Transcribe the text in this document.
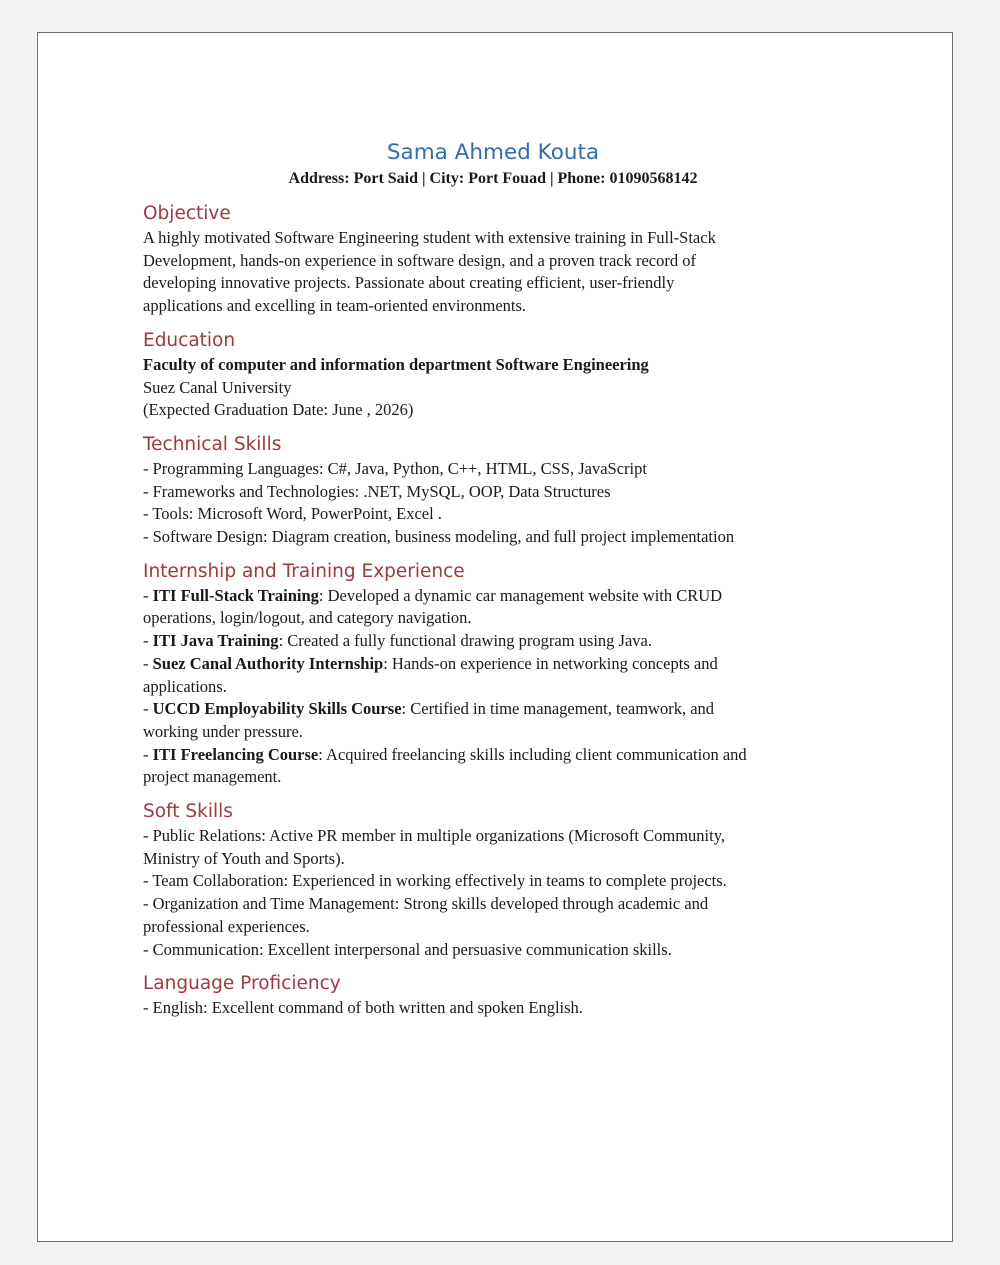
Sama Ahmed Kouta
Address: Port Said | City: Port Fouad | Phone: 01090568142
Objective
A highly motivated Software Engineering student with extensive training in Full-Stack
Development, hands-on experience in software design, and a proven track record of
developing innovative projects. Passionate about creating efficient, user-friendly
applications and excelling in team-oriented environments.
Education
Faculty of computer and information department Software Engineering
Suez Canal University
(Expected Graduation Date: June , 2026)
Technical Skills
- Programming Languages: C#, Java, Python, C++, HTML, CSS, JavaScript
- Frameworks and Technologies: .NET, MySQL, OOP, Data Structures
- Tools: Microsoft Word, PowerPoint, Excel .
- Software Design: Diagram creation, business modeling, and full project implementation
Internship and Training Experience
- ITI Full-Stack Training: Developed a dynamic car management website with CRUD
operations, login/logout, and category navigation.
- ITI Java Training: Created a fully functional drawing program using Java.
- Suez Canal Authority Internship: Hands-on experience in networking concepts and
applications.
- UCCD Employability Skills Course: Certified in time management, teamwork, and
working under pressure.
- ITI Freelancing Course: Acquired freelancing skills including client communication and
project management.
Soft Skills
- Public Relations: Active PR member in multiple organizations (Microsoft Community,
Ministry of Youth and Sports).
- Team Collaboration: Experienced in working effectively in teams to complete projects.
- Organization and Time Management: Strong skills developed through academic and
professional experiences.
- Communication: Excellent interpersonal and persuasive communication skills.
Language Proficiency
- English: Excellent command of both written and spoken English.
